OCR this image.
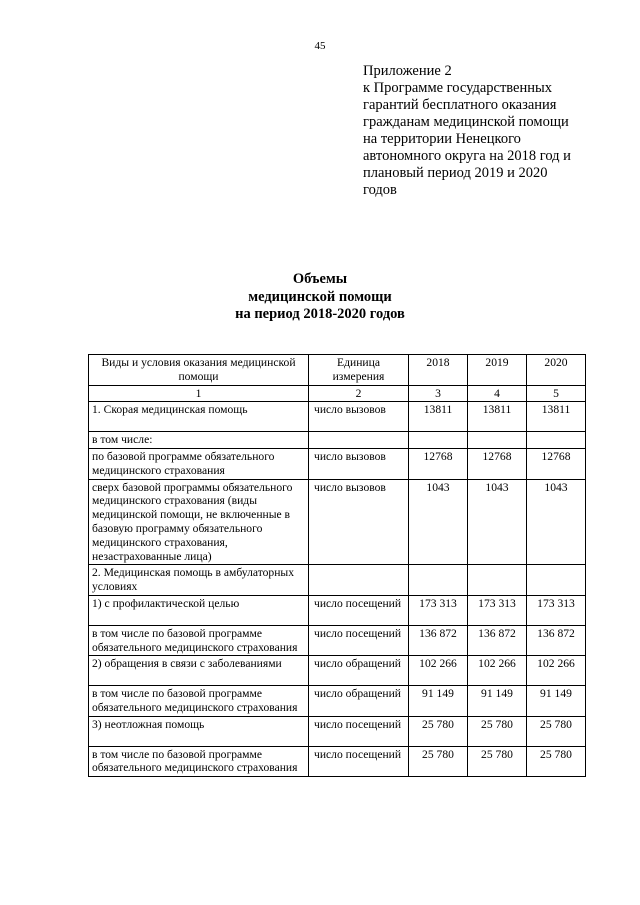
45
Приложение 2
к Программе государственных
гарантий бесплатного оказания
гражданам медицинской помощи
на территории Ненецкого
автономного округа на 2018 год и
плановый период 2019 и 2020
годов
Объемы
медицинской помощи
на период 2018-2020 годов
Виды и условия оказания медицинской помощи	Единица измерения	2018	2019	2020
1	2	3	4	5
1. Скорая медицинская помощь	число вызовов	13811	13811	13811
в том числе:				
по базовой программе обязательного медицинского страхования	число вызовов	12768	12768	12768
сверх базовой программы обязательного медицинского страхования (виды медицинской помощи, не включенные в базовую программу обязательного медицинского страхования, незастрахованные лица)	число вызовов	1043	1043	1043
2. Медицинская помощь в амбулаторных условиях				
1) с профилактической целью	число посещений	173 313	173 313	173 313
в том числе по базовой программе обязательного медицинского страхования	число посещений	136 872	136 872	136 872
2) обращения в связи с заболеваниями	число обращений	102 266	102 266	102 266
в том числе по базовой программе обязательного медицинского страхования	число обращений	91 149	91 149	91 149
3) неотложная помощь	число посещений	25 780	25 780	25 780
в том числе по базовой программе обязательного медицинского страхования	число посещений	25 780	25 780	25 780
